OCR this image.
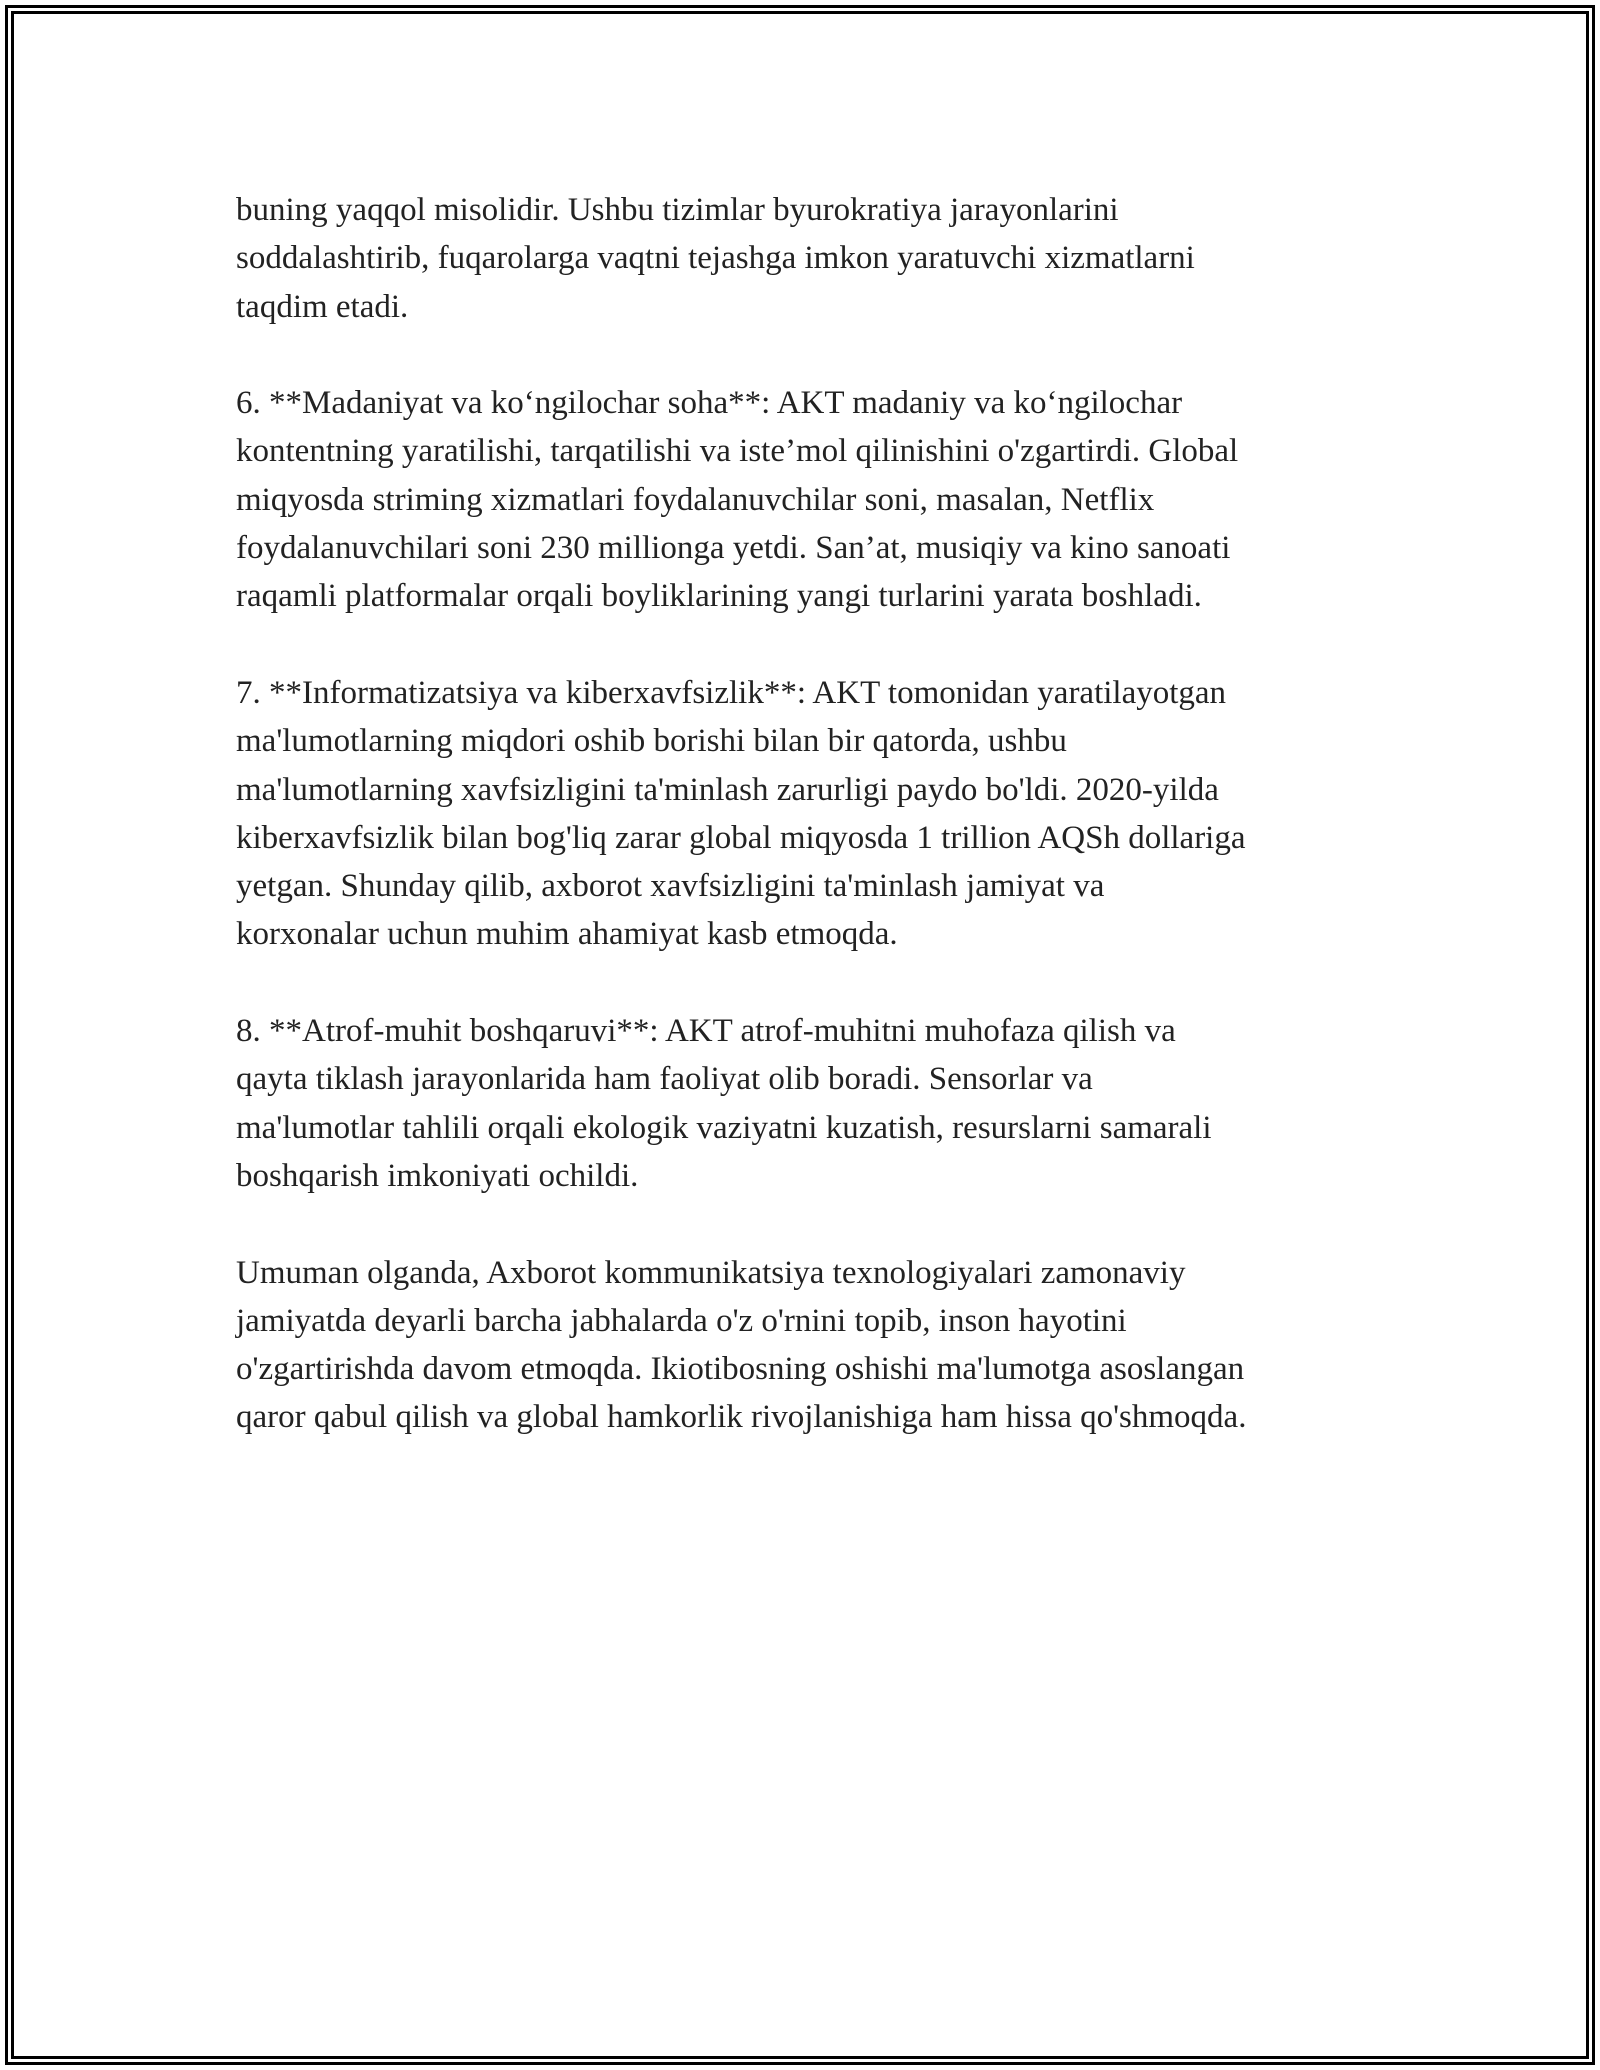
buning yaqqol misolidir. Ushbu tizimlar byurokratiya jarayonlarini
soddalashtirib, fuqarolarga vaqtni tejashga imkon yaratuvchi xizmatlarni
taqdim etadi.

6. **Madaniyat va ko‘ngilochar soha**: AKT madaniy va ko‘ngilochar
kontentning yaratilishi, tarqatilishi va iste’mol qilinishini o'zgartirdi. Global
miqyosda striming xizmatlari foydalanuvchilar soni, masalan, Netflix
foydalanuvchilari soni 230 millionga yetdi. San’at, musiqiy va kino sanoati
raqamli platformalar orqali boyliklarining yangi turlarini yarata boshladi.

7. **Informatizatsiya va kiberxavfsizlik**: AKT tomonidan yaratilayotgan
ma'lumotlarning miqdori oshib borishi bilan bir qatorda, ushbu
ma'lumotlarning xavfsizligini ta'minlash zarurligi paydo bo'ldi. 2020-yilda
kiberxavfsizlik bilan bog'liq zarar global miqyosda 1 trillion AQSh dollariga
yetgan. Shunday qilib, axborot xavfsizligini ta'minlash jamiyat va
korxonalar uchun muhim ahamiyat kasb etmoqda.

8. **Atrof-muhit boshqaruvi**: AKT atrof-muhitni muhofaza qilish va
qayta tiklash jarayonlarida ham faoliyat olib boradi. Sensorlar va
ma'lumotlar tahlili orqali ekologik vaziyatni kuzatish, resurslarni samarali
boshqarish imkoniyati ochildi.

Umuman olganda, Axborot kommunikatsiya texnologiyalari zamonaviy
jamiyatda deyarli barcha jabhalarda o'z o'rnini topib, inson hayotini
o'zgartirishda davom etmoqda. Ikiotibosning oshishi ma'lumotga asoslangan
qaror qabul qilish va global hamkorlik rivojlanishiga ham hissa qo'shmoqda.
